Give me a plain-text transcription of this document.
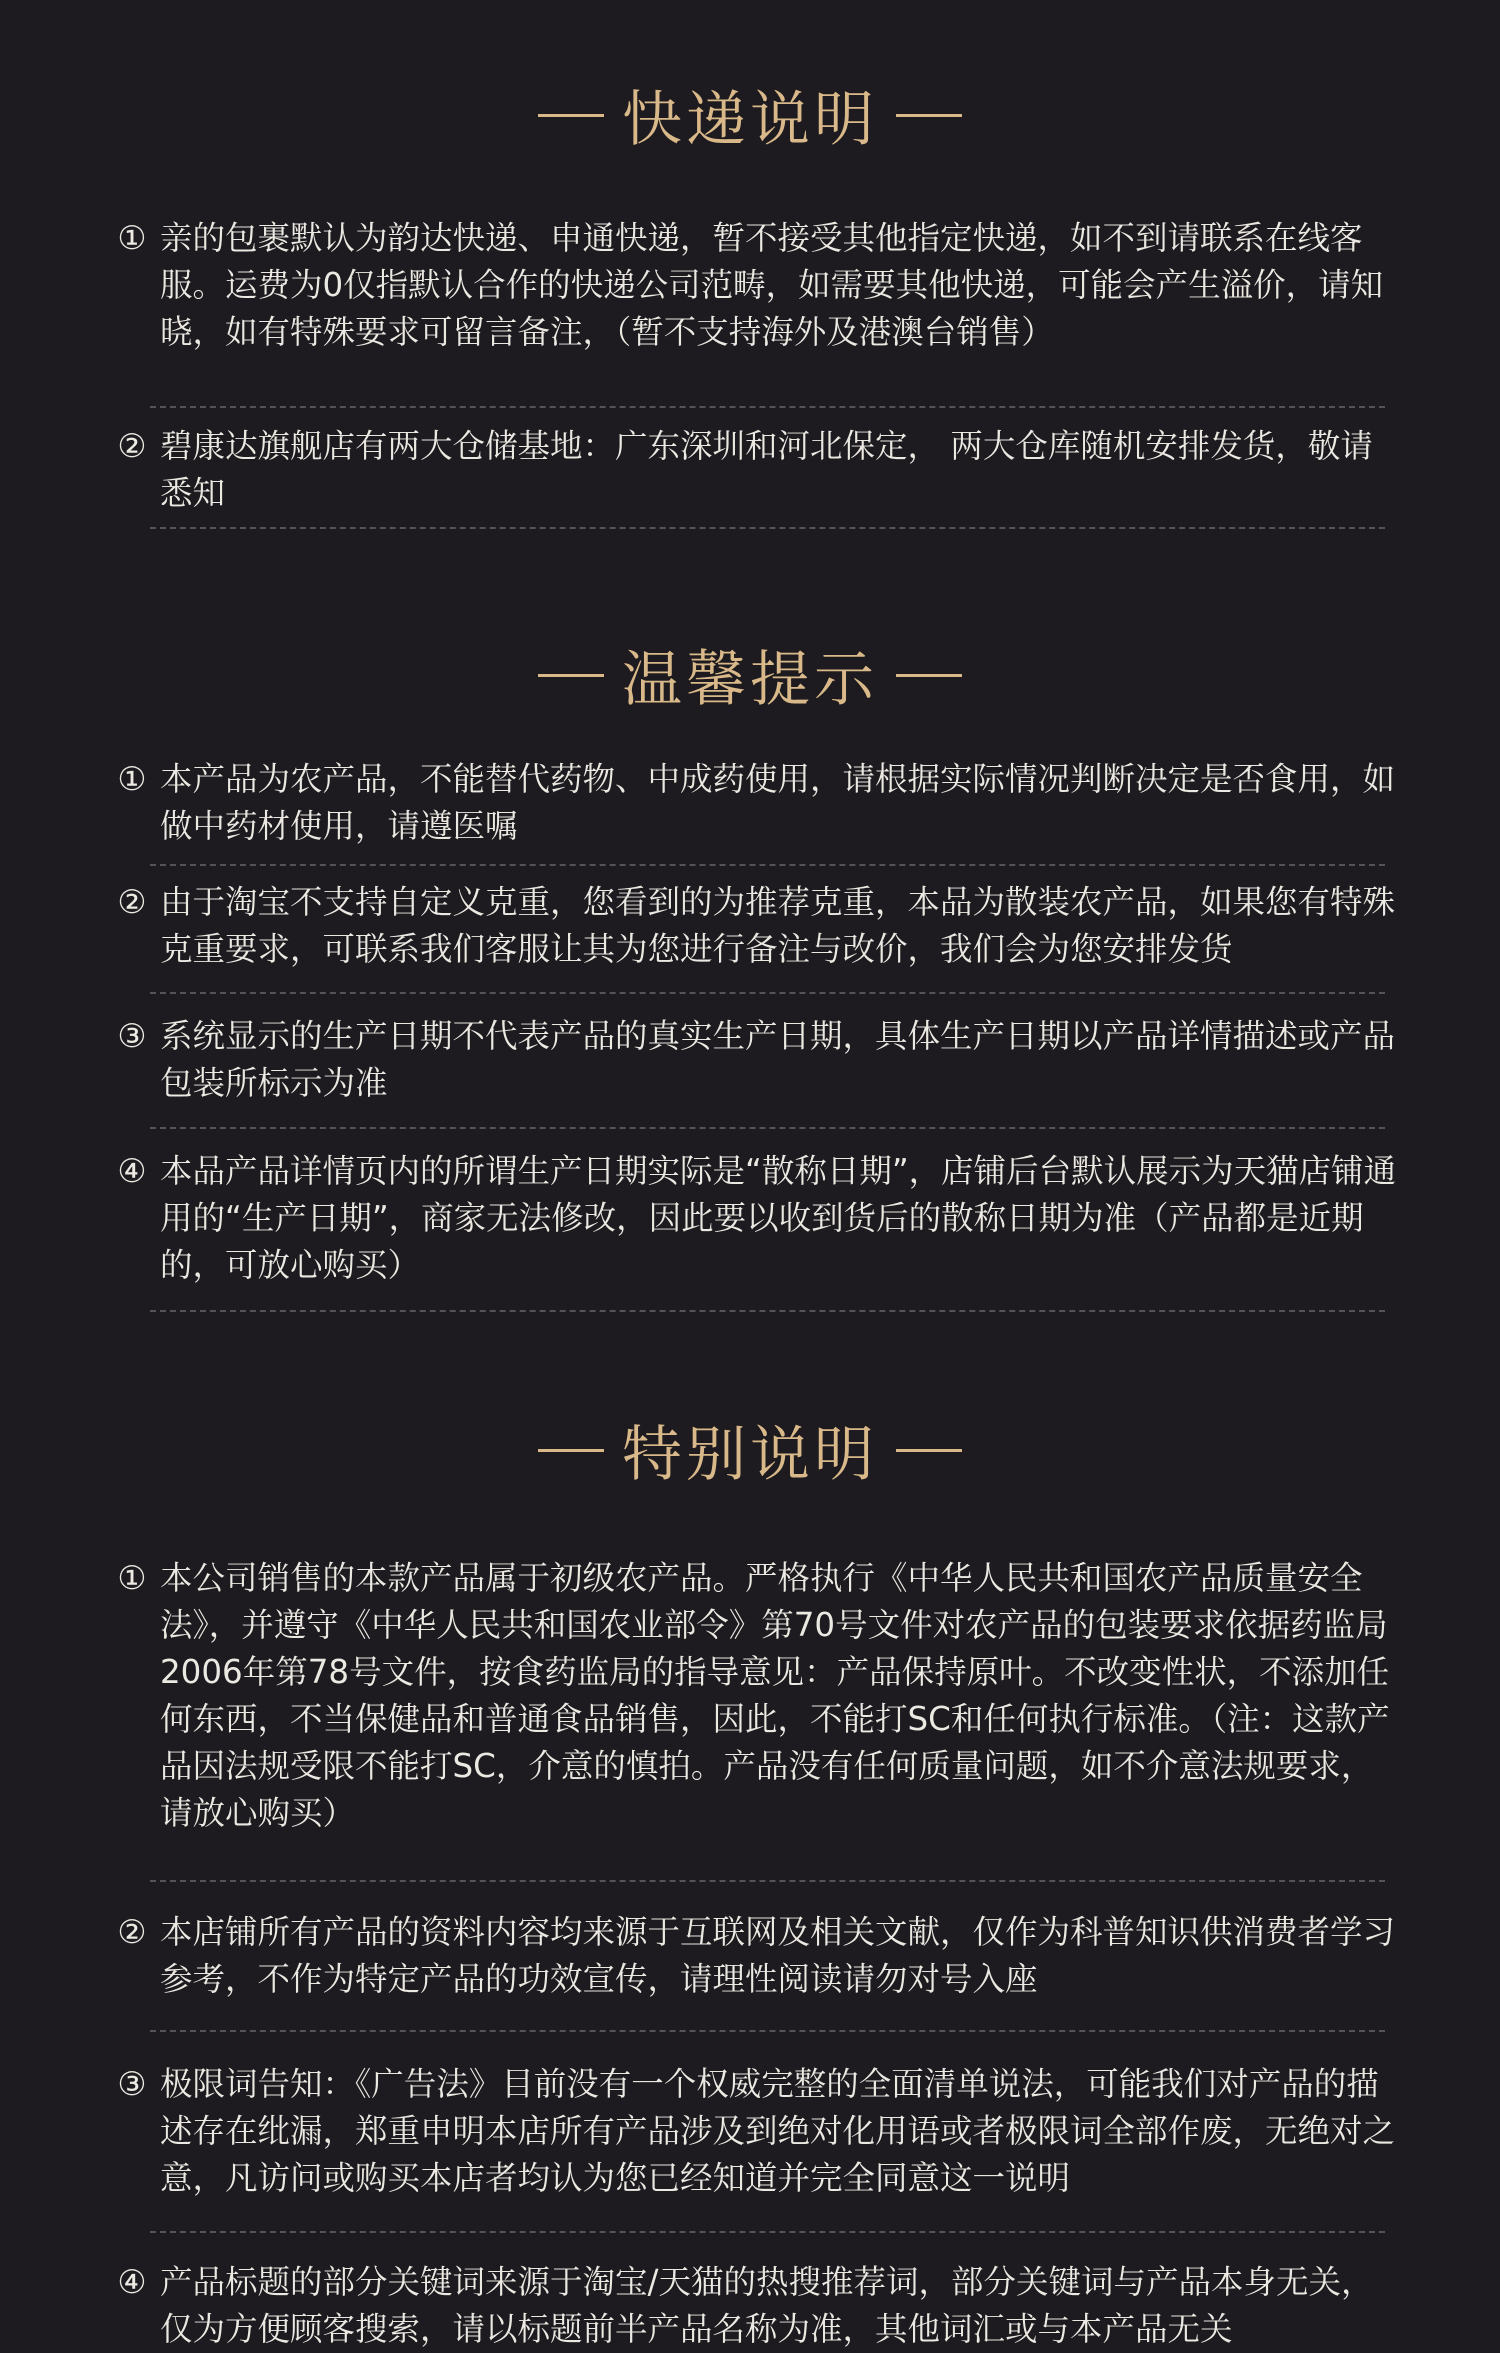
快递说明
① 亲的包裹默认为韵达快递、申通快递，暂不接受其他指定快递，如不到请联系在线客服。运费为0仅指默认合作的快递公司范畴，如需要其他快递，可能会产生溢价，请知晓，如有特殊要求可留言备注，（暂不支持海外及港澳台销售）
② 碧康达旗舰店有两大仓储基地：广东深圳和河北保定， 两大仓库随机安排发货，敬请悉知
温馨提示
① 本产品为农产品，不能替代药物、中成药使用，请根据实际情况判断决定是否食用，如做中药材使用，请遵医嘱
② 由于淘宝不支持自定义克重，您看到的为推荐克重，本品为散装农产品，如果您有特殊克重要求，可联系我们客服让其为您进行备注与改价，我们会为您安排发货
③ 系统显示的生产日期不代表产品的真实生产日期，具体生产日期以产品详情描述或产品包装所标示为准
④ 本品产品详情页内的所谓生产日期实际是“散称日期”，店铺后台默认展示为天猫店铺通用的“生产日期”，商家无法修改，因此要以收到货后的散称日期为准（产品都是近期的，可放心购买）
特别说明
① 本公司销售的本款产品属于初级农产品。严格执行《中华人民共和国农产品质量安全法》，并遵守《中华人民共和国农业部令》第70号文件对农产品的包装要求依据药监局2006年第78号文件，按食药监局的指导意见：产品保持原叶。不改变性状，不添加任何东西，不当保健品和普通食品销售，因此，不能打SC和任何执行标准。（注：这款产品因法规受限不能打SC，介意的慎拍。产品没有任何质量问题，如不介意法规要求，请放心购买）
② 本店铺所有产品的资料内容均来源于互联网及相关文献，仅作为科普知识供消费者学习参考，不作为特定产品的功效宣传，请理性阅读请勿对号入座
③ 极限词告知：《广告法》目前没有一个权威完整的全面清单说法，可能我们对产品的描述存在纰漏，郑重申明本店所有产品涉及到绝对化用语或者极限词全部作废，无绝对之意，凡访问或购买本店者均认为您已经知道并完全同意这一说明
④ 产品标题的部分关键词来源于淘宝/天猫的热搜推荐词，部分关键词与产品本身无关，仅为方便顾客搜索，请以标题前半产品名称为准，其他词汇或与本产品无关
